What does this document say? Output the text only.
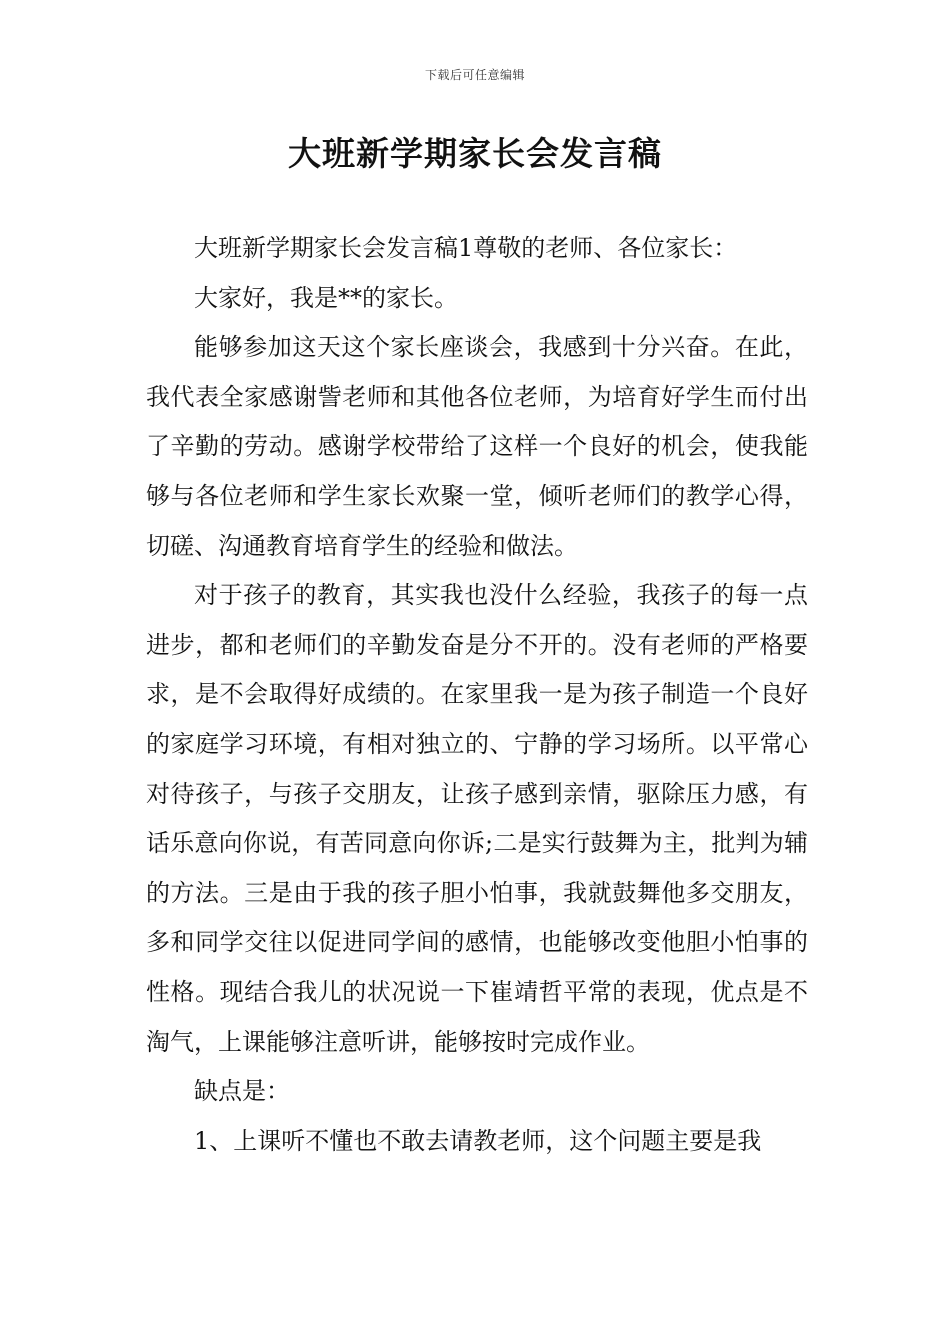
下载后可任意编辑
大班新学期家长会发言稿

大班新学期家长会发言稿1尊敬的老师、各位家长：

大家好，我是**的家长。

能够参加这天这个家长座谈会，我感到十分兴奋。在此，我代表全家感谢訾老师和其他各位老师，为培育好学生而付出了辛勤的劳动。感谢学校带给了这样一个良好的机会，使我能够与各位老师和学生家长欢聚一堂，倾听老师们的教学心得，切磋、沟通教育培育学生的经验和做法。

对于孩子的教育，其实我也没什么经验，我孩子的每一点进步，都和老师们的辛勤发奋是分不开的。没有老师的严格要求，是不会取得好成绩的。在家里我一是为孩子制造一个良好的家庭学习环境，有相对独立的、宁静的学习场所。以平常心对待孩子，与孩子交朋友，让孩子感到亲情，驱除压力感，有话乐意向你说，有苦同意向你诉;二是实行鼓舞为主，批判为辅的方法。三是由于我的孩子胆小怕事，我就鼓舞他多交朋友，多和同学交往以促进同学间的感情，也能够改变他胆小怕事的性格。现结合我儿的状况说一下崔靖哲平常的表现，优点是不淘气，上课能够注意听讲，能够按时完成作业。

缺点是：

1、上课听不懂也不敢去请教老师，这个问题主要是我
